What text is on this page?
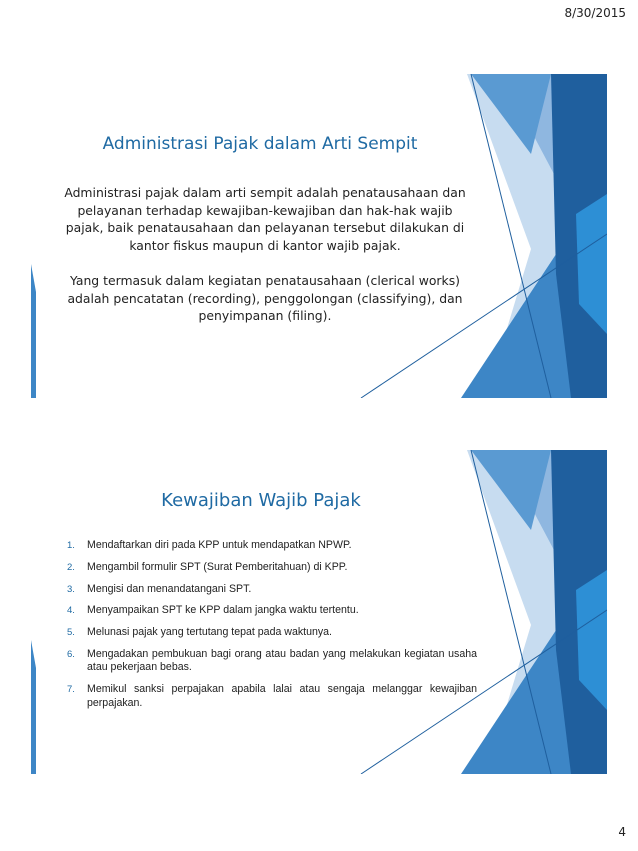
8/30/2015
Administrasi Pajak dalam Arti Sempit

Administrasi pajak dalam arti sempit adalah penatausahaan dan pelayanan terhadap kewajiban-kewajiban dan hak-hak wajib pajak, baik penatausahaan dan pelayanan tersebut dilakukan di kantor fiskus maupun di kantor wajib pajak.

Yang termasuk dalam kegiatan penatausahaan (clerical works) adalah pencatatan (recording), penggolongan (classifying), dan penyimpanan (filing).

Kewajiban Wajib Pajak
1. Mendaftarkan diri pada KPP untuk mendapatkan NPWP.
2. Mengambil formulir SPT (Surat Pemberitahuan) di KPP.
3. Mengisi dan menandatangani SPT.
4. Menyampaikan SPT ke KPP dalam jangka waktu tertentu.
5. Melunasi pajak yang tertutang tepat pada waktunya.
6. Mengadakan pembukuan bagi orang atau badan yang melakukan kegiatan usaha atau pekerjaan bebas.
7. Memikul sanksi perpajakan apabila lalai atau sengaja melanggar kewajiban perpajakan.
4
